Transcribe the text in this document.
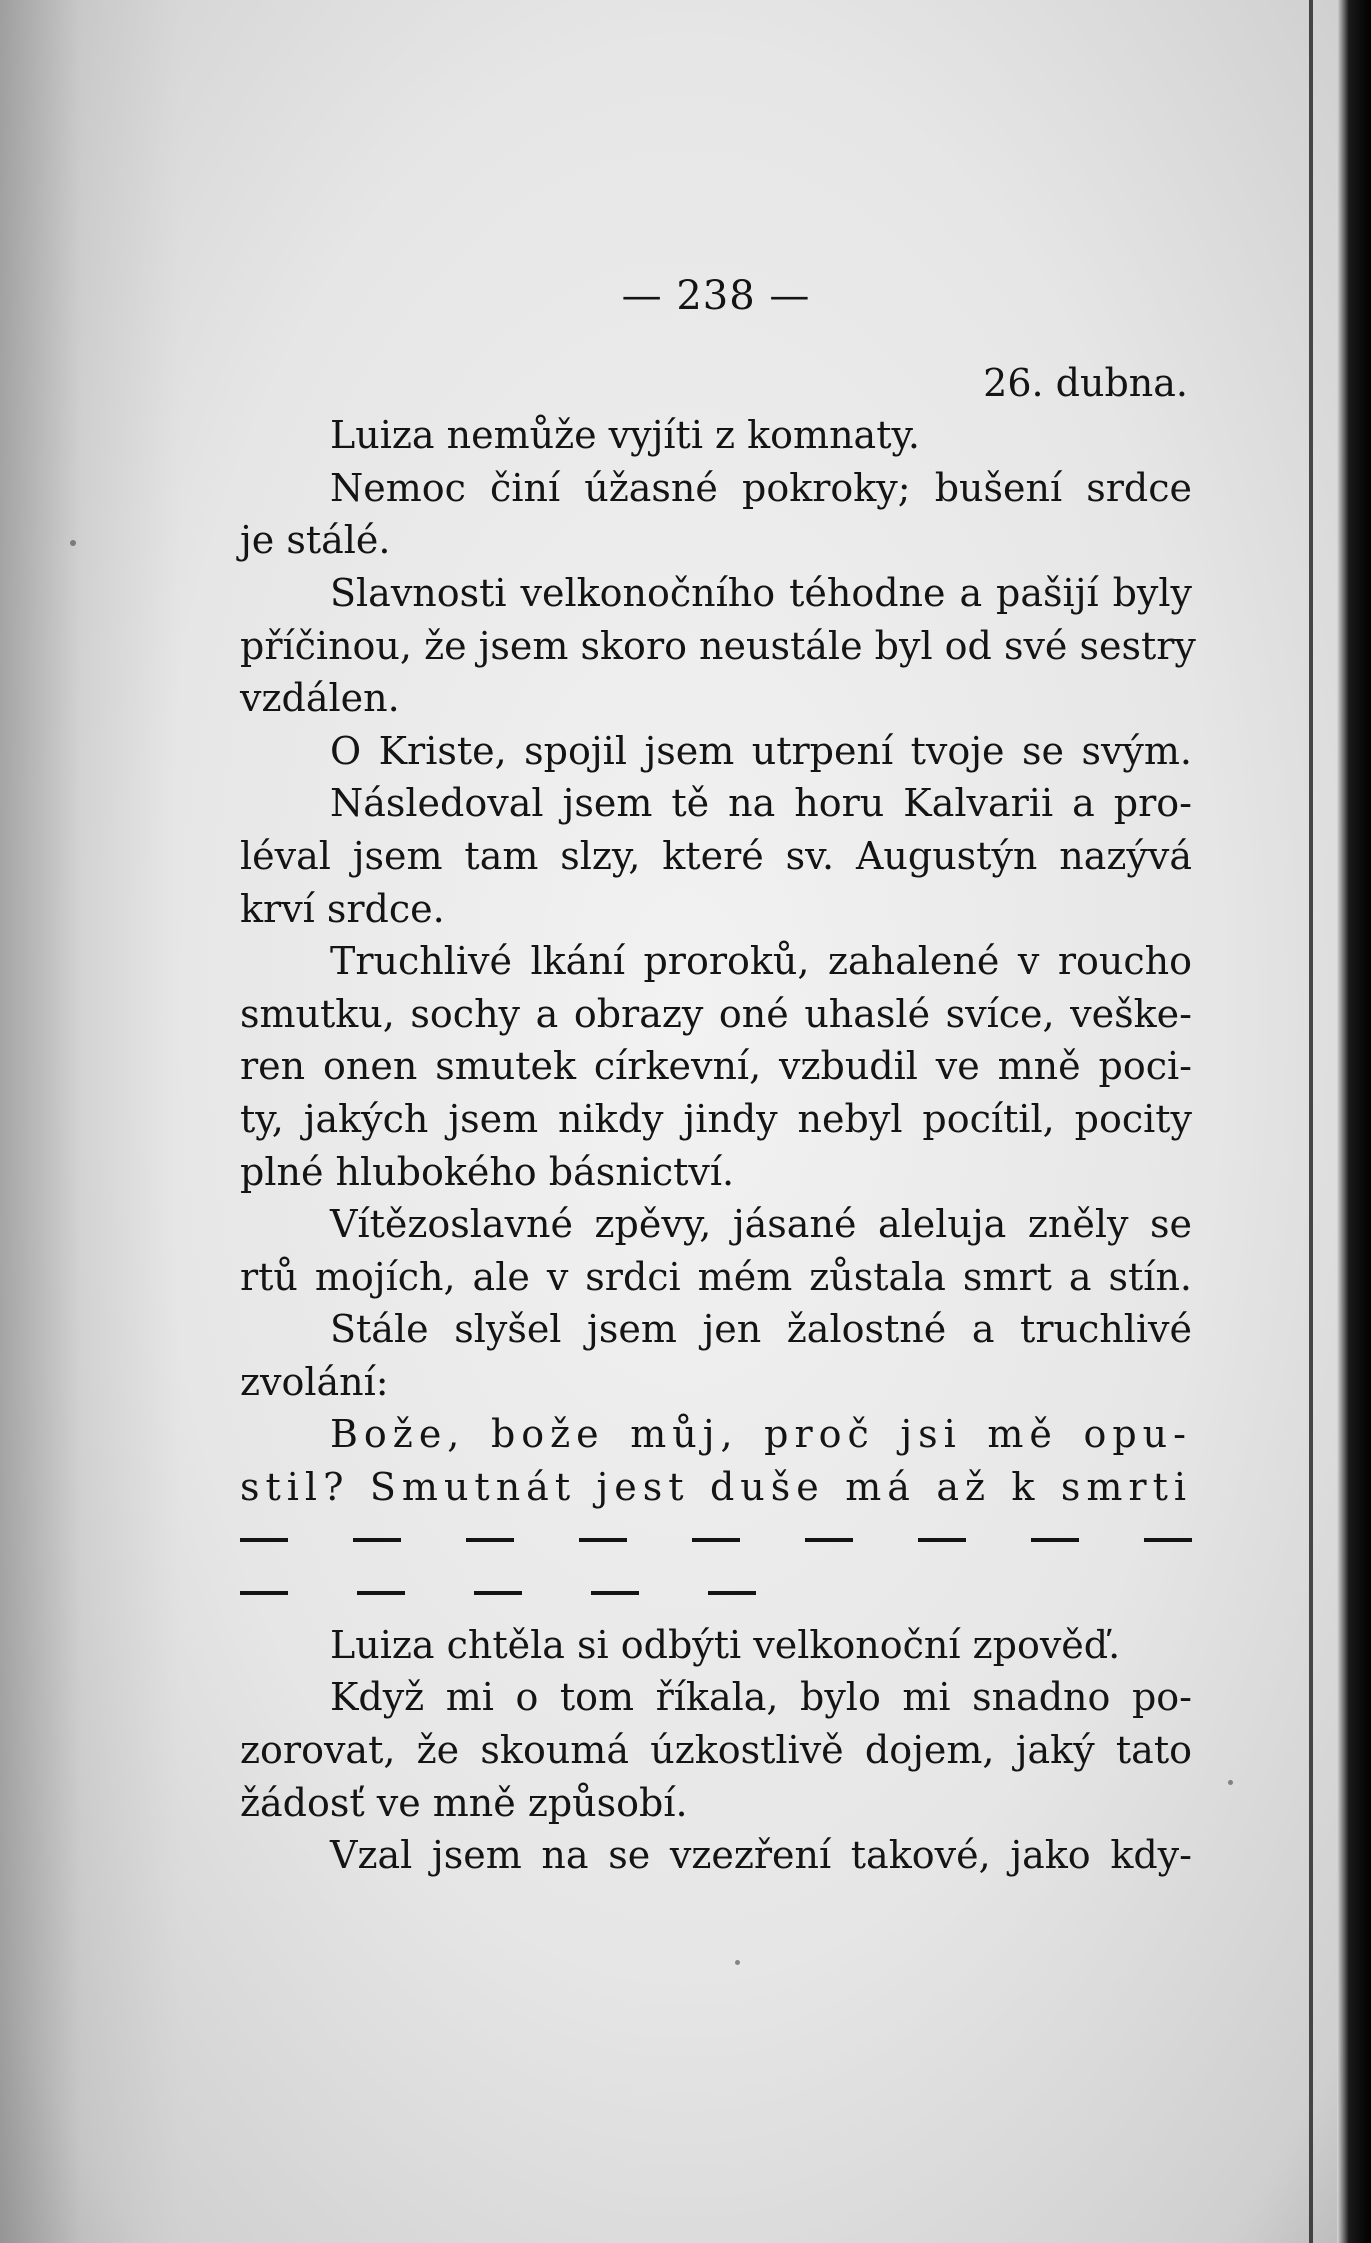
— 238 —
26. dubna.
Luiza nemůže vyjíti z komnaty.
Nemoc činí úžasné pokroky; bušení srdce
je stálé.
Slavnosti velkonočního téhodne a pašijí byly
příčinou, že jsem skoro neustále byl od své sestry
vzdálen.
O Kriste, spojil jsem utrpení tvoje se svým.
Následoval jsem tě na horu Kalvarii a pro-
léval jsem tam slzy, které sv. Augustýn nazývá
krví srdce.
Truchlivé lkání proroků, zahalené v roucho
smutku, sochy a obrazy oné uhaslé svíce, veške-
ren onen smutek církevní, vzbudil ve mně poci-
ty, jakých jsem nikdy jindy nebyl pocítil, pocity
plné hlubokého básnictví.
Vítězoslavné zpěvy, jásané aleluja zněly se
rtů mojích, ale v srdci mém zůstala smrt a stín.
Stále slyšel jsem jen žalostné a truchlivé
zvolání:
Bože, bože můj, proč jsi mě opu-
stil? Smutnát jest duše má až k smrti
Luiza chtěla si odbýti velkonoční zpověď.
Když mi o tom říkala, bylo mi snadno po-
zorovat, že skoumá úzkostlivě dojem, jaký tato
žádosť ve mně způsobí.
Vzal jsem na se vzezření takové, jako kdy-
